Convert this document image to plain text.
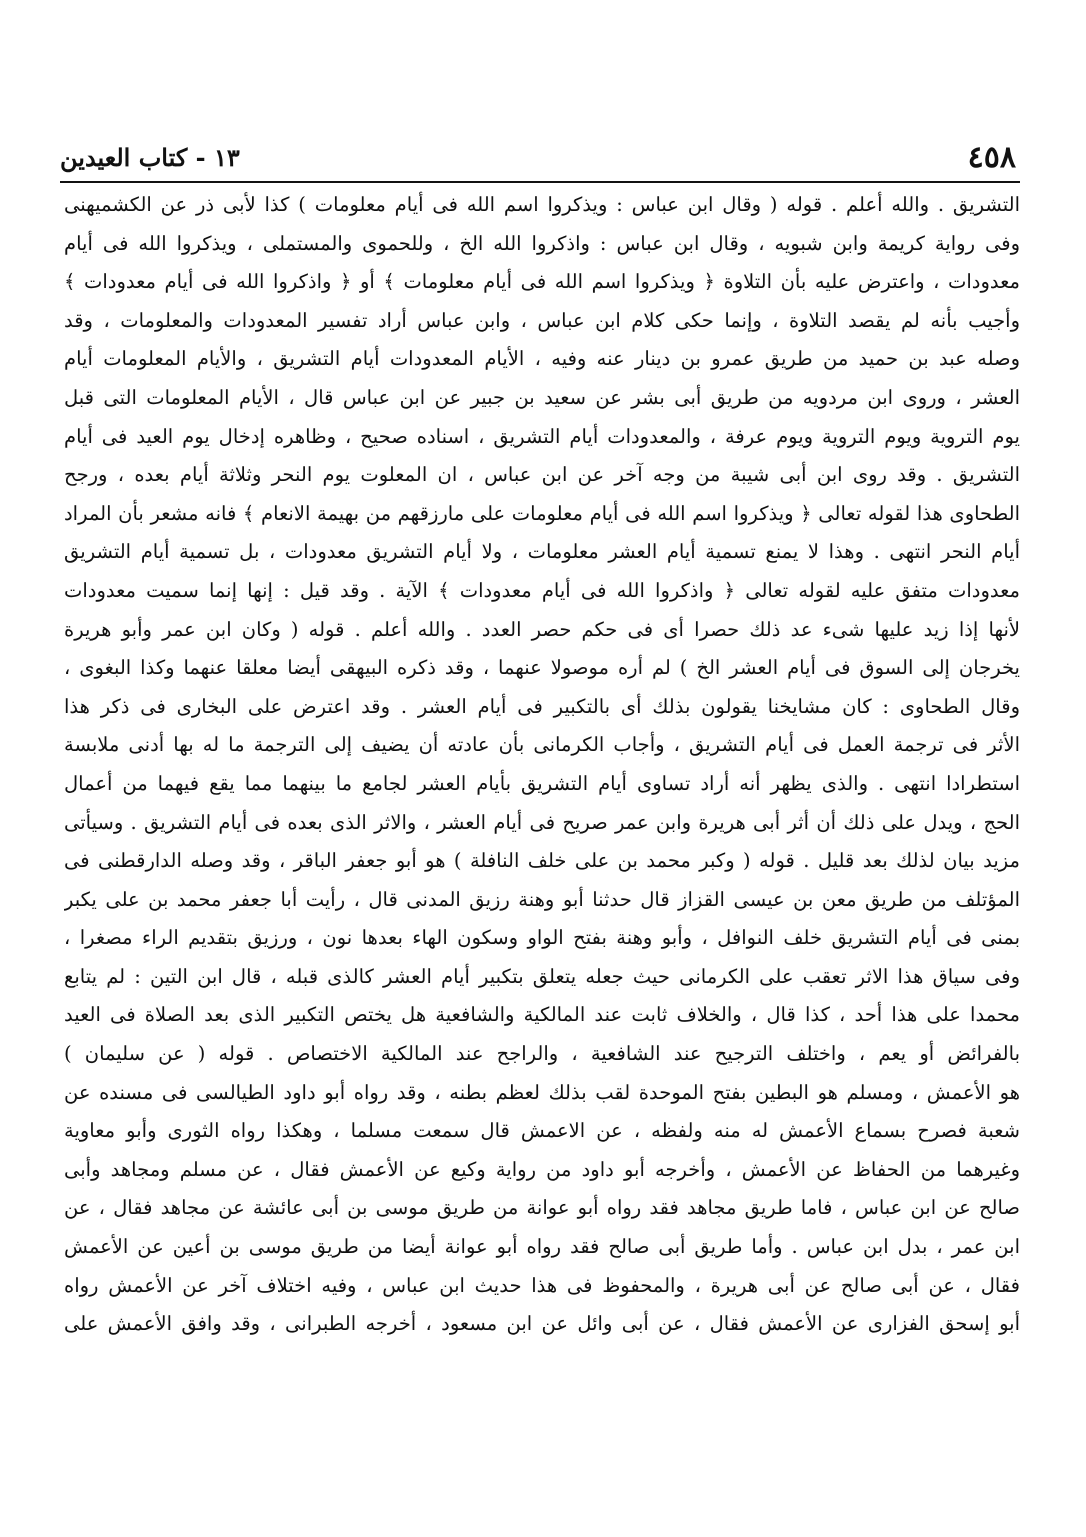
٤٥٨
١٣ - كتاب العيدين
التشريق . والله أعلم . قوله ( وقال ابن عباس : ويذكروا اسم الله فى أيام معلومات ) كذا لأبى ذر عن الكشميهنى
وفى رواية كريمة وابن شبويه ، وقال ابن عباس : واذكروا الله الخ ، وللحموى والمستملى ، ويذكروا الله فى أيام
معدودات ، واعترض عليه بأن التلاوة ﴿ ويذكروا اسم الله فى أيام معلومات ﴾ أو ﴿ واذكروا الله فى أيام معدودات ﴾
وأجيب بأنه لم يقصد التلاوة ، وإنما حكى كلام ابن عباس ، وابن عباس أراد تفسير المعدودات والمعلومات ، وقد
وصله عبد بن حميد من طريق عمرو بن دينار عنه وفيه ، الأيام المعدودات أيام التشريق ، والأيام المعلومات أيام
العشر ، وروى ابن مردويه من طريق أبى بشر عن سعيد بن جبير عن ابن عباس قال ، الأيام المعلومات التى قبل
يوم التروية ويوم التروية ويوم عرفة ، والمعدودات أيام التشريق ، اسناده صحيح ، وظاهره إدخال يوم العيد فى أيام
التشريق . وقد روى ابن أبى شيبة من وجه آخر عن ابن عباس ، ان المعلوت يوم النحر وثلاثة أيام بعده ، ورجح
الطحاوى هذا لقوله تعالى ﴿ ويذكروا اسم الله فى أيام معلومات على مارزقهم من بهيمة الانعام ﴾ فانه مشعر بأن المراد
أيام النحر انتهى . وهذا لا يمنع تسمية أيام العشر معلومات ، ولا أيام التشريق معدودات ، بل تسمية أيام التشريق
معدودات متفق عليه لقوله تعالى ﴿ واذكروا الله فى أيام معدودات ﴾ الآية . وقد قيل : إنها إنما سميت معدودات
لأنها إذا زيد عليها شىء عد ذلك حصرا أى فى حكم حصر العدد . والله أعلم . قوله ( وكان ابن عمر وأبو هريرة
يخرجان إلى السوق فى أيام العشر الخ ) لم أره موصولا عنهما ، وقد ذكره البيهقى أيضا معلقا عنهما وكذا البغوى ،
وقال الطحاوى : كان مشايخنا يقولون بذلك أى بالتكبير فى أيام العشر . وقد اعترض على البخارى فى ذكر هذا
الأثر فى ترجمة العمل فى أيام التشريق ، وأجاب الكرمانى بأن عادته أن يضيف إلى الترجمة ما له بها أدنى ملابسة
استطرادا انتهى . والذى يظهر أنه أراد تساوى أيام التشريق بأيام العشر لجامع ما بينهما مما يقع فيهما من أعمال
الحج ، ويدل على ذلك أن أثر أبى هريرة وابن عمر صريح فى أيام العشر ، والاثر الذى بعده فى أيام التشريق . وسيأتى
مزيد بيان لذلك بعد قليل . قوله ( وكبر محمد بن على خلف النافلة ) هو أبو جعفر الباقر ، وقد وصله الدارقطنى فى
المؤتلف من طريق معن بن عيسى القزاز قال حدثنا أبو وهنة رزيق المدنى قال ، رأيت أبا جعفر محمد بن على يكبر
بمنى فى أيام التشريق خلف النوافل ، وأبو وهنة بفتح الواو وسكون الهاء بعدها نون ، ورزيق بتقديم الراء مصغرا ،
وفى سياق هذا الاثر تعقب على الكرمانى حيث جعله يتعلق بتكبير أيام العشر كالذى قبله ، قال ابن التين : لم يتابع
محمدا على هذا أحد ، كذا قال ، والخلاف ثابت عند المالكية والشافعية هل يختص التكبير الذى بعد الصلاة فى العيد
بالفرائض أو يعم ، واختلف الترجيح عند الشافعية ، والراجح عند المالكية الاختصاص . قوله ( عن سليمان )
هو الأعمش ، ومسلم هو البطين بفتح الموحدة لقب بذلك لعظم بطنه ، وقد رواه أبو داود الطيالسى فى مسنده عن
شعبة فصرح بسماع الأعمش له منه ولفظه ، عن الاعمش قال سمعت مسلما ، وهكذا رواه الثورى وأبو معاوية
وغيرهما من الحفاظ عن الأعمش ، وأخرجه أبو داود من رواية وكيع عن الأعمش فقال ، عن مسلم ومجاهد وأبى
صالح عن ابن عباس ، فاما طريق مجاهد فقد رواه أبو عوانة من طريق موسى بن أبى عائشة عن مجاهد فقال ، عن
ابن عمر ، بدل ابن عباس . وأما طريق أبى صالح فقد رواه أبو عوانة أيضا من طريق موسى بن أعين عن الأعمش
فقال ، عن أبى صالح عن أبى هريرة ، والمحفوظ فى هذا حديث ابن عباس ، وفيه اختلاف آخر عن الأعمش رواه
أبو إسحق الفزارى عن الأعمش فقال ، عن أبى وائل عن ابن مسعود ، أخرجه الطبرانى ، وقد وافق الأعمش على
